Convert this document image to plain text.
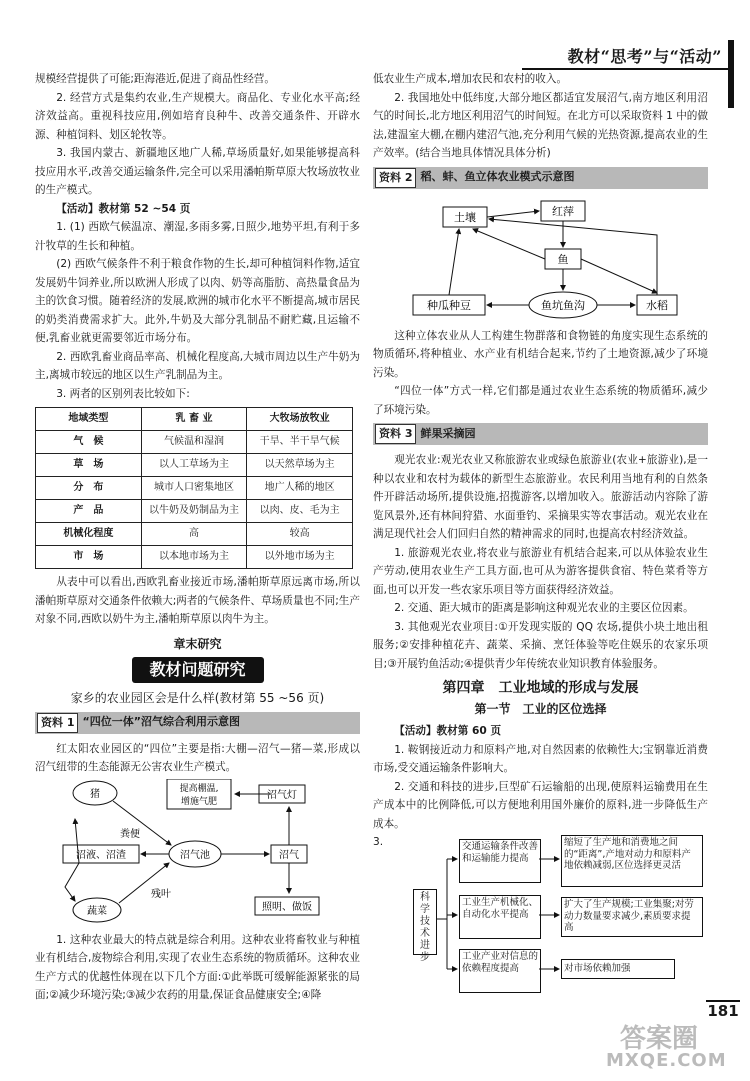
教材“思考”与“活动”

规模经营提供了可能;距海港近,促进了商品性经营。

2. 经营方式是集约农业,生产规模大。商品化、专业化水平高;经济效益高。重视科技应用,例如培育良种牛、改善交通条件、开辟水源、种植饲料、划区轮牧等。

3. 我国内蒙古、新疆地区地广人稀,草场质量好,如果能够提高科技应用水平,改善交通运输条件,完全可以采用潘帕斯草原大牧场放牧业的生产模式。

【活动】教材第 52 ~54 页

1. (1) 西欧气候温凉、潮湿,多雨多雾,日照少,地势平坦,有利于多汁牧草的生长和种植。

(2) 西欧气候条件不利于粮食作物的生长,却可种植饲料作物,适宜发展奶牛饲养业,所以欧洲人形成了以肉、奶等高脂肪、高热量食品为主的饮食习惯。随着经济的发展,欧洲的城市化水平不断提高,城市居民的奶类消费需求扩大。此外,牛奶及大部分乳制品不耐贮藏,且运输不便,乳畜业就更需要邻近市场分布。

2. 西欧乳畜业商品率高、机械化程度高,大城市周边以生产牛奶为主,离城市较远的地区以生产乳制品为主。

3. 两者的区别列表比较如下:

地域类型	乳 畜 业	大牧场放牧业
气　候	气候温和湿润	干旱、半干旱气候
草　场	以人工草场为主	以天然草场为主
分　布	城市人口密集地区	地广人稀的地区
产　品	以牛奶及奶制品为主	以肉、皮、毛为主
机械化程度	高	较高
市　场	以本地市场为主	以外地市场为主

从表中可以看出,西欧乳畜业接近市场,潘帕斯草原远离市场,所以潘帕斯草原对交通条件依赖大;两者的气候条件、草场质量也不同;生产对象不同,西欧以奶牛为主,潘帕斯草原以肉牛为主。

章末研究
教材问题研究
家乡的农业园区会是什么样(教材第 55 ~56 页)
资料 1 “四位一体”沼气综合利用示意图

红太阳农业园区的“四位”主要是指:大棚—沼气—猪—菜,形成以沼气纽带的生态能源无公害农业生产模式。

猪
粪便
沼液、沼渣	沼气池
蔬菜
残叶
提高棚温,
增施气肥
沼气灯
沼气
照明、做饭

1. 这种农业最大的特点就是综合利用。这种农业将畜牧业与种植业有机结合,废物综合利用,实现了农业生态系统的物质循环。这种农业生产方式的优越性体现在以下几个方面:①此举既可缓解能源紧张的局面;②减少环境污染;③减少农药的用量,保证食品健康安全;④降

低农业生产成本,增加农民和农村的收入。

2. 我国地处中低纬度,大部分地区都适宜发展沼气,南方地区利用沼气的时间长,北方地区利用沼气的时间短。在北方可以采取资料 1 中的做法,建温室大棚,在棚内建沼气池,充分利用气候的光热资源,提高农业的生产效率。(结合当地具体情况具体分析)

资料 2 稻、蚌、鱼立体农业模式示意图
土壤	红萍
鱼
种瓜种豆	鱼坑鱼沟	水稻

这种立体农业从人工构建生物群落和食物链的角度实现生态系统的物质循环,将种植业、水产业有机结合起来,节约了土地资源,减少了环境污染。

“四位一体”方式一样,它们都是通过农业生态系统的物质循环,减少了环境污染。

资料 3 鲜果采摘园

观光农业:观光农业又称旅游农业或绿色旅游业(农业+旅游业),是一种以农业和农村为载体的新型生态旅游业。农民利用当地有利的自然条件开辟活动场所,提供设施,招揽游客,以增加收入。旅游活动内容除了游览风景外,还有林间狩猎、水面垂钓、采摘果实等农事活动。观光农业在满足现代社会人们回归自然的精神需求的同时,也提高农村经济效益。

1. 旅游观光农业,将农业与旅游业有机结合起来,可以从体验农业生产劳动,使用农业生产工具方面,也可从为游客提供食宿、特色菜肴等方面,也可以开发一些农家乐项目等方面获得经济效益。

2. 交通、距大城市的距离是影响这种观光农业的主要区位因素。

3. 其他观光农业项目:①开发现实版的 QQ 农场,提供小块土地出租服务;②安排种植花卉、蔬菜、采摘、烹饪体验等吃住娱乐的农家乐项目;③开展钓鱼活动;④提供青少年传统农业知识教育体验服务。

第四章　工业地域的形成与发展
第一节　工业的区位选择

【活动】教材第 60 页

1. 鞍钢接近动力和原料产地,对自然因素的依赖性大;宝钢靠近消费市场,受交通运输条件影响大。

2. 交通和科技的进步,巨型矿石运输船的出现,使原料运输费用在生产成本中的比例降低,可以方便地利用国外廉价的原料,进一步降低生产成本。

3.
科学技术进步
交通运输条件改善和运输能力提高
缩短了生产地和消费地之间的“距离”,产地对动力和原料产地依赖减弱,区位选择更灵活
工业生产机械化、自动化水平提高
扩大了生产规模;工业集聚;对劳动力数量要求减少,素质要求提高
工业产业对信息的依赖程度提高	对市场依赖加强
181
答案圈
MXQE.COM
